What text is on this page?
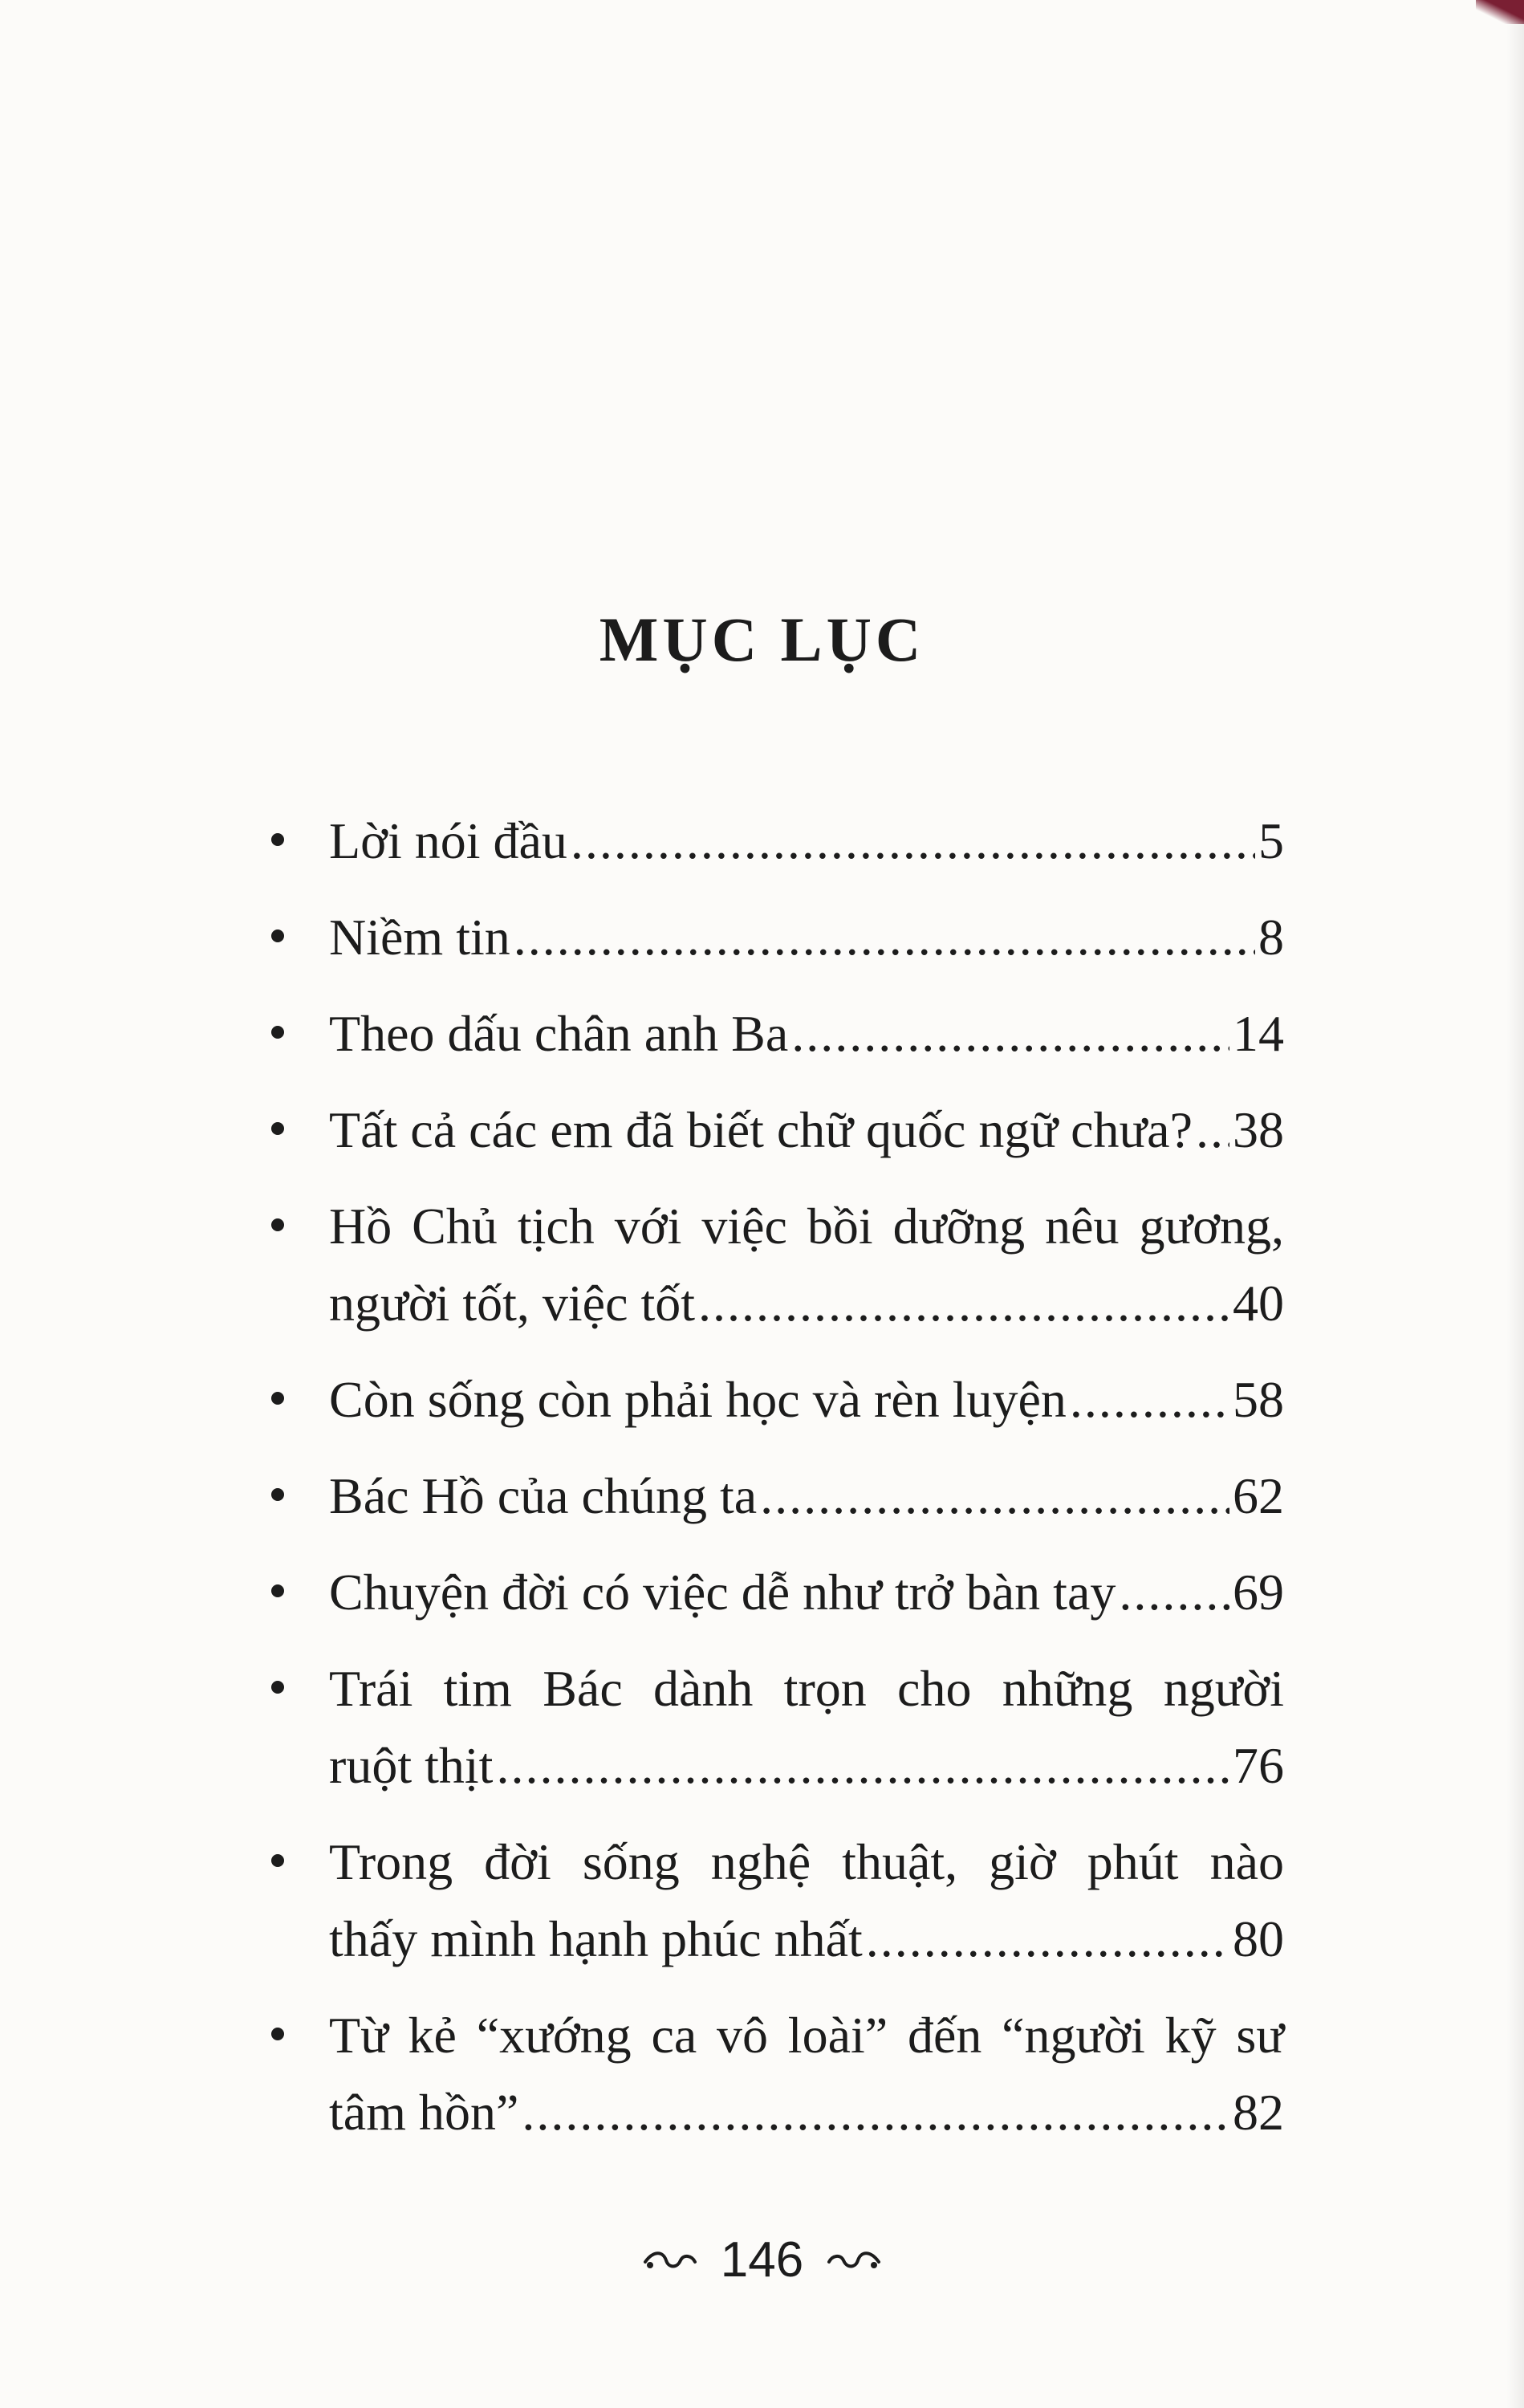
MỤC LỤC
Lời nói đầu .....	5
Niềm tin .....	8
Theo dấu chân anh Ba .....	14
Tất cả các em đã biết chữ quốc ngữ chưa? ..... 38
Hồ Chủ tịch với việc bồi dưỡng nêu gương,
người tốt, việc tốt .....	40
Còn sống còn phải học và rèn luyện .....	58
Bác Hồ của chúng ta .....	62
Chuyện đời có việc dễ như trở bàn tay ..... 69
Trái tim Bác dành trọn cho những người
ruột thịt .....	76
Trong đời sống nghệ thuật, giờ phút nào
thấy mình hạnh phúc nhất .....	80
Từ kẻ “xướng ca vô loài” đến “người kỹ sư
tâm hồn” .....	82
146
